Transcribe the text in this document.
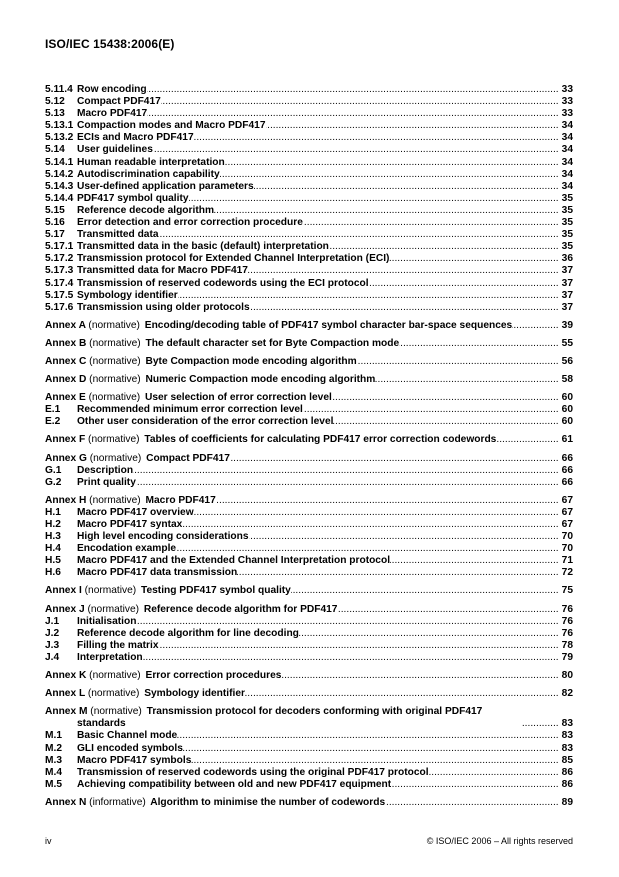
ISO/IEC 15438:2006(E)
5.11.4 Row encoding .....	33
5.12	Compact PDF417 .....	33
5.13	Macro PDF417 .....	33
5.13.1 Compaction modes and Macro PDF417 .....	34
5.13.2 ECIs and Macro PDF417 .....	34
5.14	User guidelines .....	34
5.14.1 Human readable interpretation .....	34
5.14.2 Autodiscrimination capability .....	34
5.14.3 User-defined application parameters .....	34
5.14.4 PDF417 symbol quality .....	35
5.15	Reference decode algorithm .....	35
5.16	Error detection and error correction procedure .....	35
5.17	Transmitted data .....	35
5.17.1 Transmitted data in the basic (default) interpretation .....	35
5.17.2 Transmission protocol for Extended Channel Interpretation (ECI) .....	36
5.17.3 Transmitted data for Macro PDF417 .....	37
5.17.4 Transmission of reserved codewords using the ECI protocol .....	37
5.17.5 Symbology identifier .....	37
5.17.6 Transmission using older protocols .....	37
Annex A (normative) Encoding/decoding table of PDF417 symbol character bar-space sequences .....	39
Annex B (normative) The default character set for Byte Compaction mode .....	55
Annex C (normative) Byte Compaction mode encoding algorithm .....	56
Annex D (normative) Numeric Compaction mode encoding algorithm .....	58
Annex E (normative) User selection of error correction level .....	60
E.1	Recommended minimum error correction level .....	60
E.2	Other user consideration of the error correction level .....	60
Annex F (normative) Tables of coefficients for calculating PDF417 error correction codewords .....	61
Annex G (normative) Compact PDF417 .....	66
G.1	Description .....	66
G.2	Print quality .....	66
Annex H (normative) Macro PDF417 .....	67
H.1	Macro PDF417 overview .....	67
H.2	Macro PDF417 syntax .....	67
H.3	High level encoding considerations .....	70
H.4	Encodation example .....	70
H.5	Macro PDF417 and the Extended Channel Interpretation protocol .....	71
H.6	Macro PDF417 data transmission .....	72
Annex I (normative) Testing PDF417 symbol quality .....	75
Annex J (normative) Reference decode algorithm for PDF417 .....	76
J.1	Initialisation .....	76
J.2	Reference decode algorithm for line decoding .....	76
J.3	Filling the matrix .....	78
J.4	Interpretation .....	79
Annex K (normative) Error correction procedures .....	80
Annex L (normative) Symbology identifier .....	82
Annex M (normative) Transmission protocol for decoders conforming with original PDF417 standards .....	83
M.1	Basic Channel mode .....	83
M.2	GLI encoded symbols .....	83
M.3	Macro PDF417 symbols .....	85
M.4	Transmission of reserved codewords using the original PDF417 protocol .....	86
M.5	Achieving compatibility between old and new PDF417 equipment .....	86
Annex N (informative) Algorithm to minimise the number of codewords .....	89
iv	© ISO/IEC 2006 – All rights reserved
